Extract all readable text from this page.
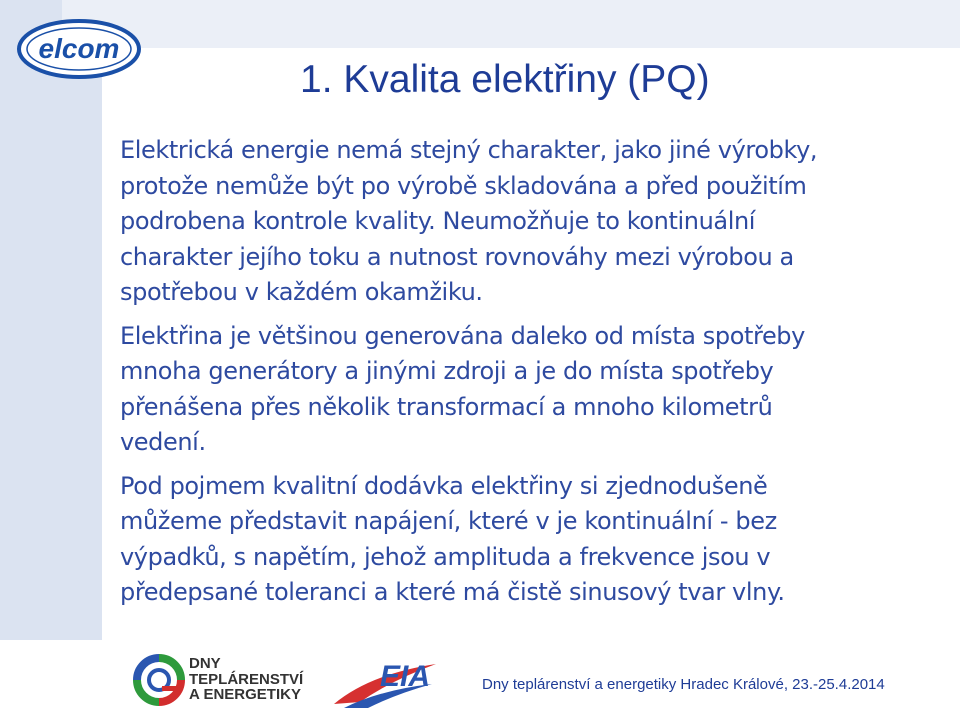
elcom
1. Kvalita elektřiny (PQ)

Elektrická energie nemá stejný charakter, jako jiné výrobky,
protože nemůže být po výrobě skladována a před použitím
podrobena kontrole kvality. Neumožňuje to kontinuální
charakter jejího toku a nutnost rovnováhy mezi výrobou a
spotřebou v každém okamžiku.

Elektřina je většinou generována daleko od místa spotřeby
mnoha generátory a jinými zdroji a je do místa spotřeby
přenášena přes několik transformací a mnoho kilometrů
vedení.

Pod pojmem kvalitní dodávka elektřiny si zjednodušeně
můžeme představit napájení, které v je kontinuální - bez
výpadků, s napětím, jehož amplituda a frekvence jsou v
předepsané toleranci a které má čistě sinusový tvar vlny.

DNY
TEPLÁRENSTVÍ
A ENERGETIKY
EIA	Dny teplárenství a energetiky Hradec Králové, 23.-25.4.2014
